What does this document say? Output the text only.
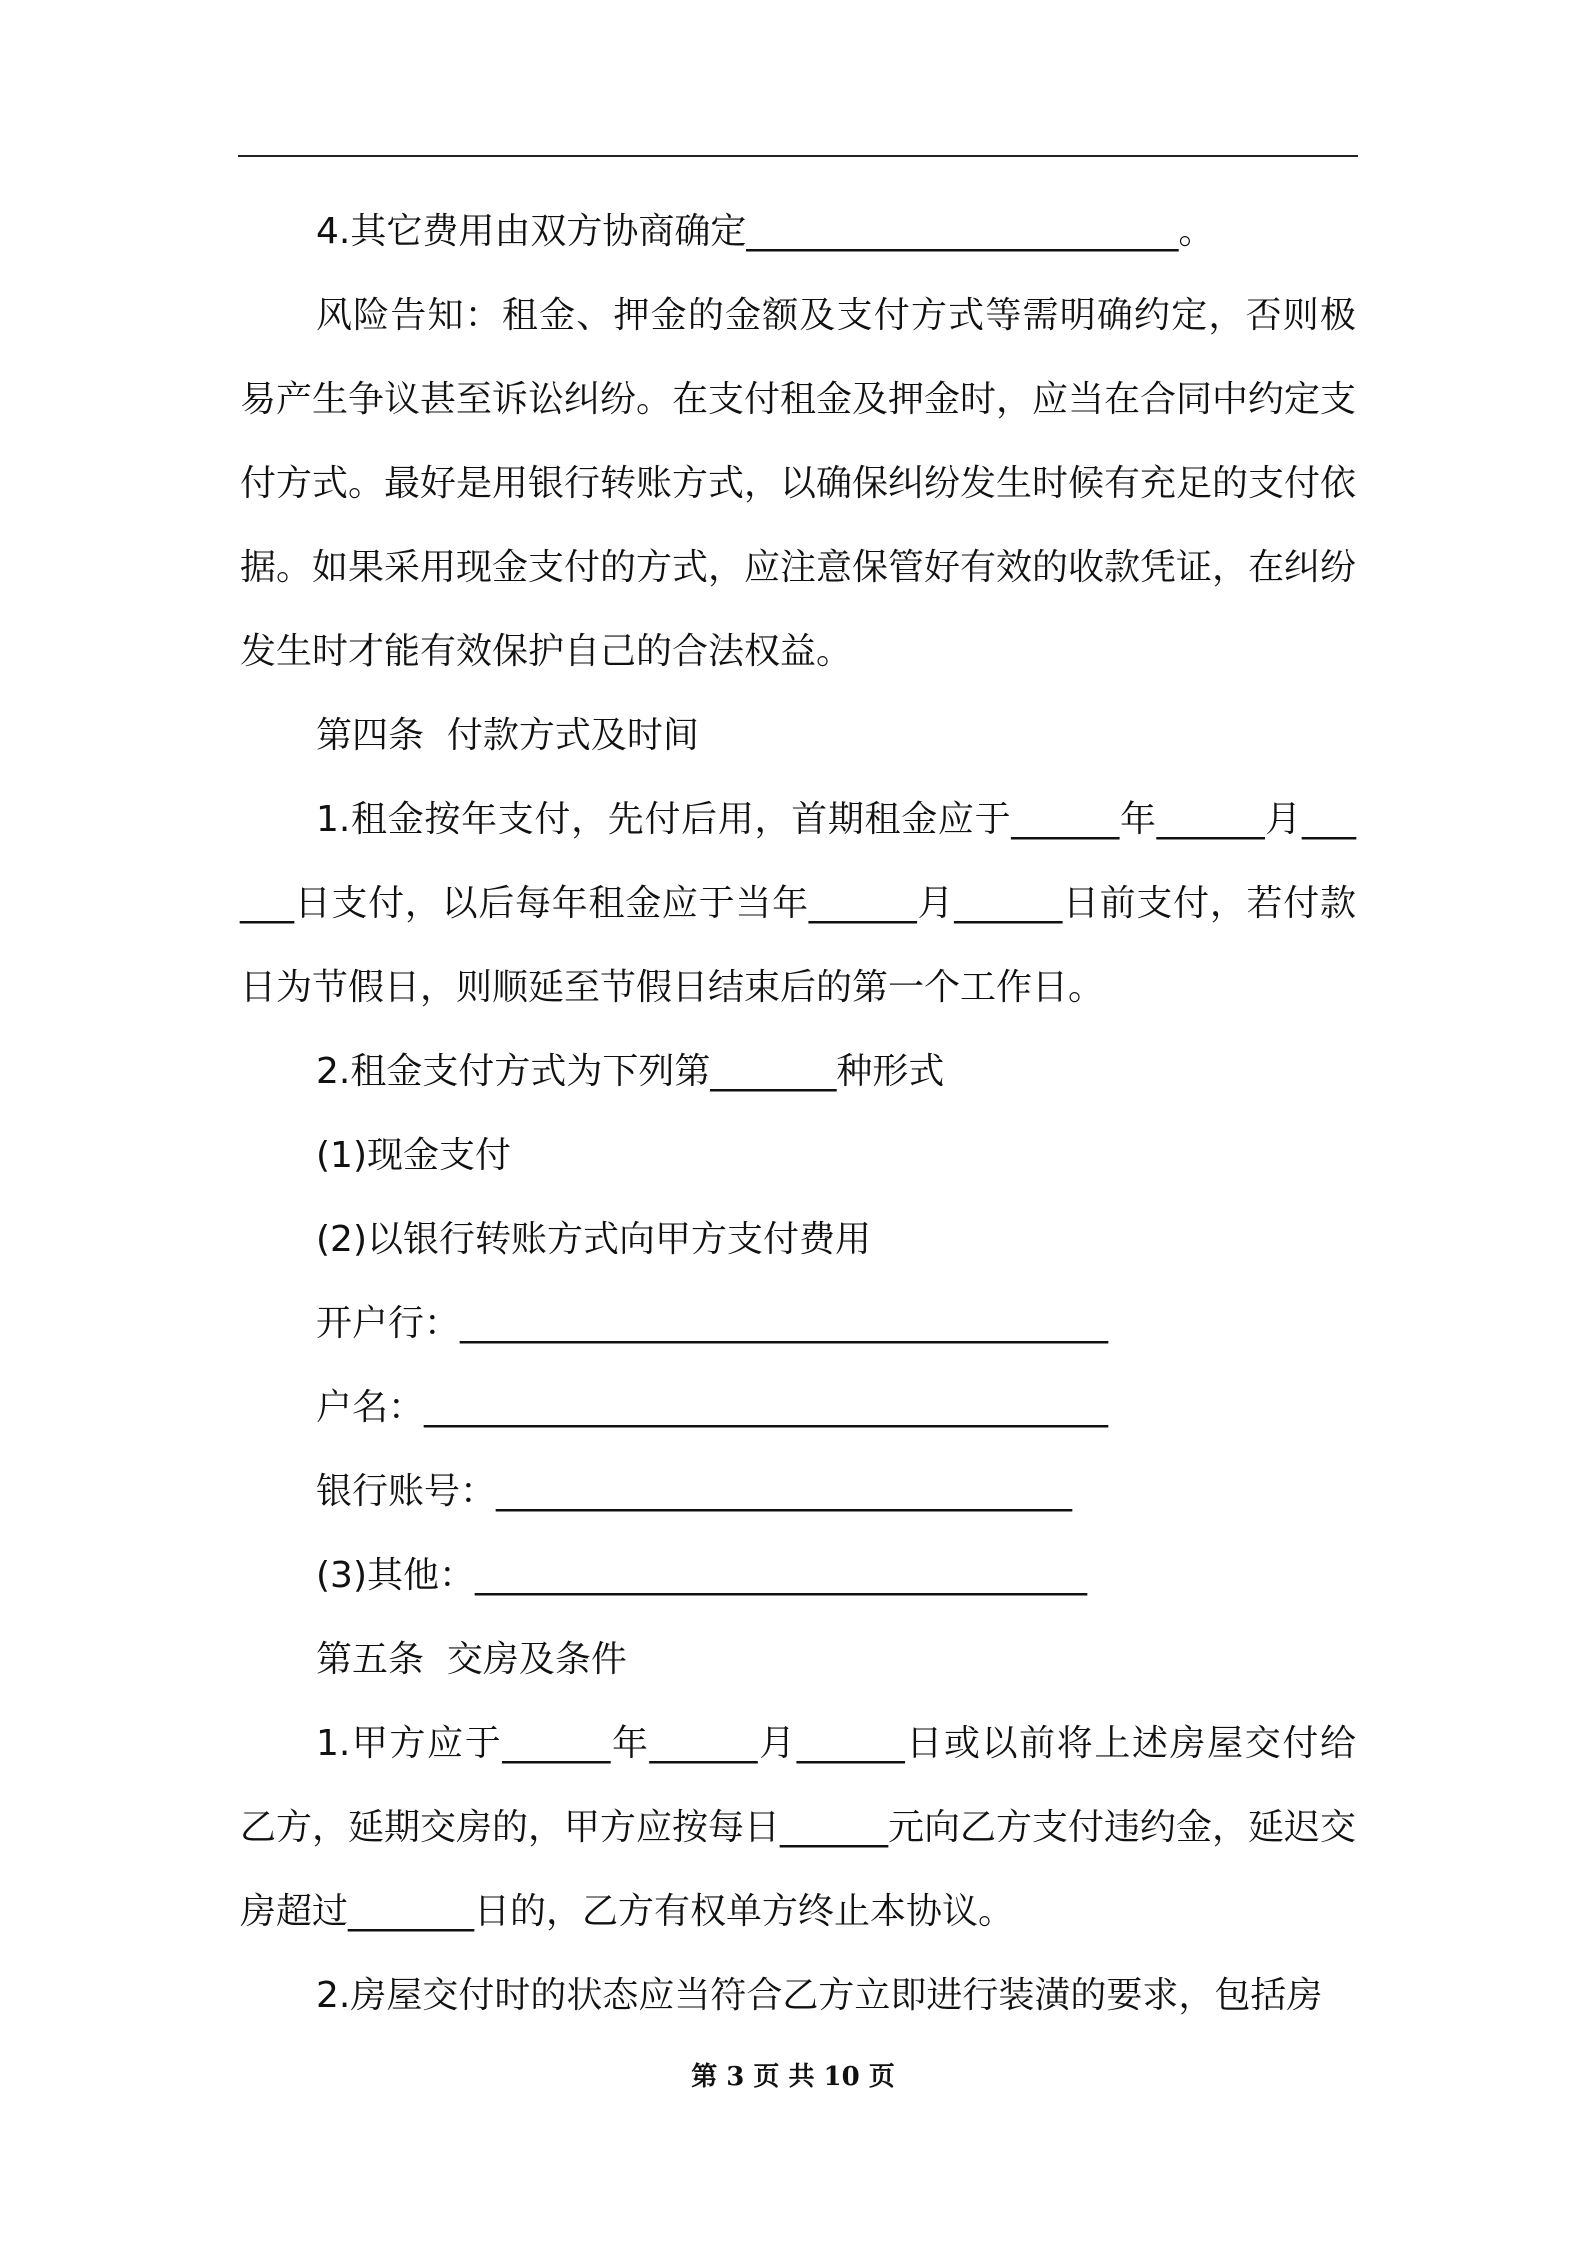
4.其它费用由双方协商确定________________________。

风险告知：租金、押金的金额及支付方式等需明确约定，否则极易产生争议甚至诉讼纠纷。在支付租金及押金时，应当在合同中约定支付方式。最好是用银行转账方式，以确保纠纷发生时候有充足的支付依据。如果采用现金支付的方式，应注意保管好有效的收款凭证，在纠纷发生时才能有效保护自己的合法权益。

第四条  付款方式及时间

1.租金按年支付，先付后用，首期租金应于______年______月______日支付，以后每年租金应于当年______月______日前支付，若付款日为节假日，则顺延至节假日结束后的第一个工作日。

2.租金支付方式为下列第_______种形式

(1)现金支付

(2)以银行转账方式向甲方支付费用

开户行：____________________________________

户名：______________________________________

银行账号：________________________________

(3)其他：__________________________________

第五条  交房及条件

1.甲方应于______年______月______日或以前将上述房屋交付给乙方，延期交房的，甲方应按每日______元向乙方支付违约金，延迟交房超过_______日的，乙方有权单方终止本协议。

2.房屋交付时的状态应当符合乙方立即进行装潢的要求，包括房

第 3 页 共 10 页
